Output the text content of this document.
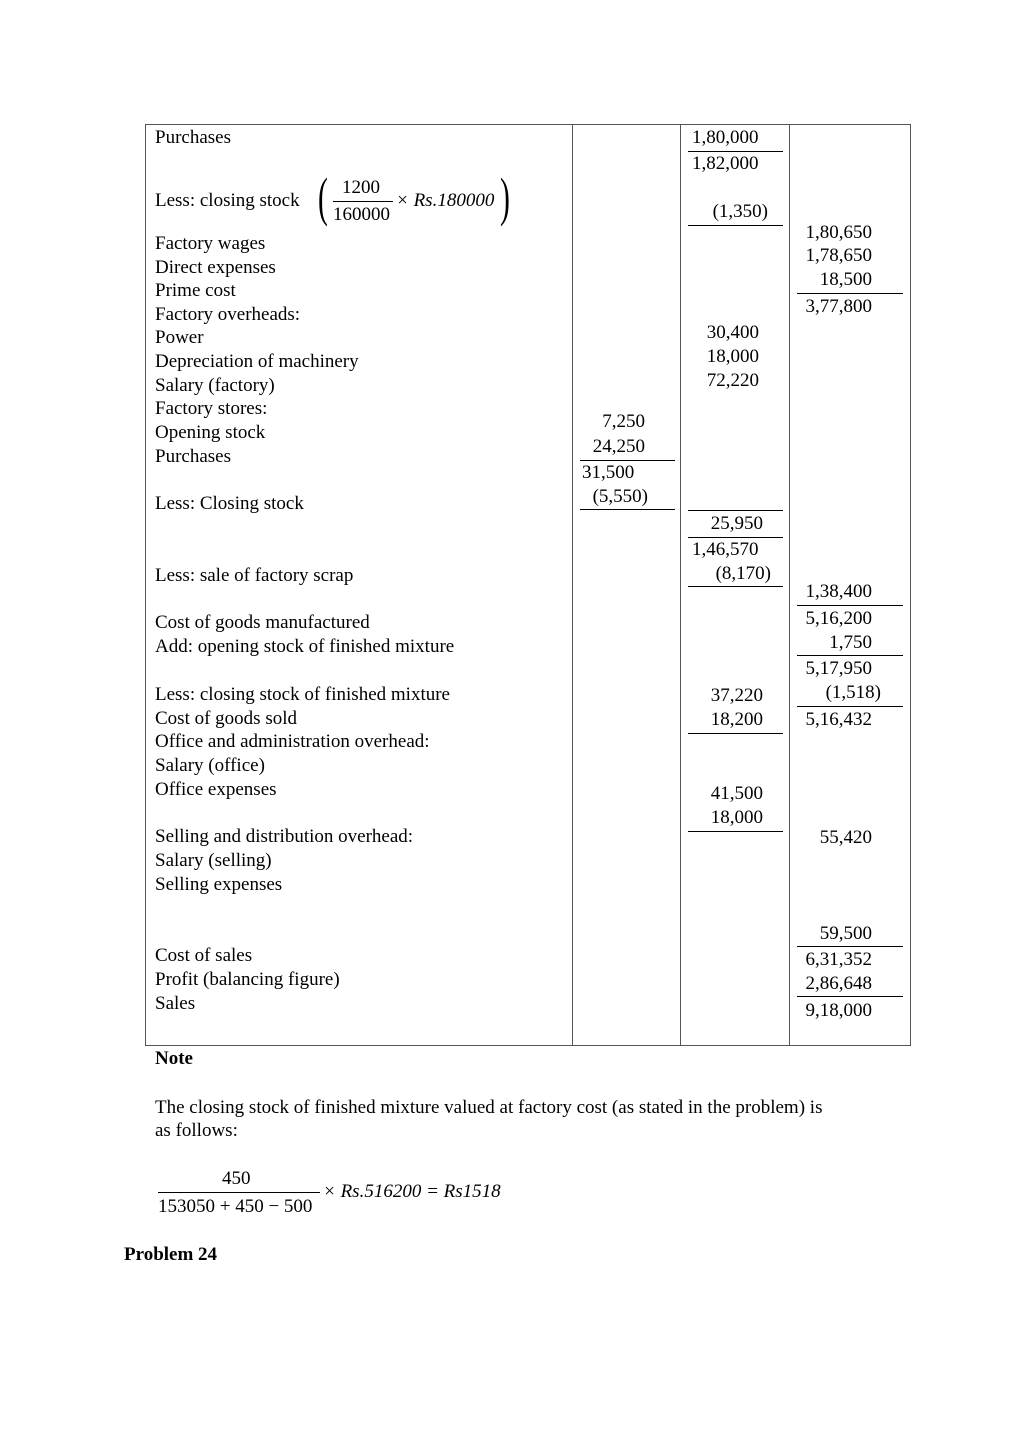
Purchases
Less: closing stock ( 1200
160000
× Rs.180000 )
Factory wages
Direct expenses
Prime cost
Factory overheads:
Power
Depreciation of machinery
Salary (factory)
Factory stores:
Opening stock
Purchases
Less: Closing stock
Less: sale of factory scrap
Cost of goods manufactured
Add: opening stock of finished mixture
Less: closing stock of finished mixture
Cost of goods sold
Office and administration overhead:
Salary (office)
Office expenses
Selling and distribution overhead:
Salary (selling)
Selling expenses
Cost of sales
Profit (balancing figure)
Sales
7,250
24,250
31,500
(5,550)
1,80,000
1,82,000
(1,350)
30,400
18,000
72,220
25,950
1,46,570
(8,170)
37,220
18,200
41,500
18,000
1,80,650
1,78,650
18,500
3,77,800
1,38,400
5,16,200
1,750
5,17,950
(1,518)
5,16,432
55,420
59,500
6,31,352
2,86,648
9,18,000
Note
The closing stock of finished mixture valued at factory cost (as stated in the problem) is
as follows:
450
153050 + 450 − 500
× Rs.516200 = Rs1518
Problem 24
